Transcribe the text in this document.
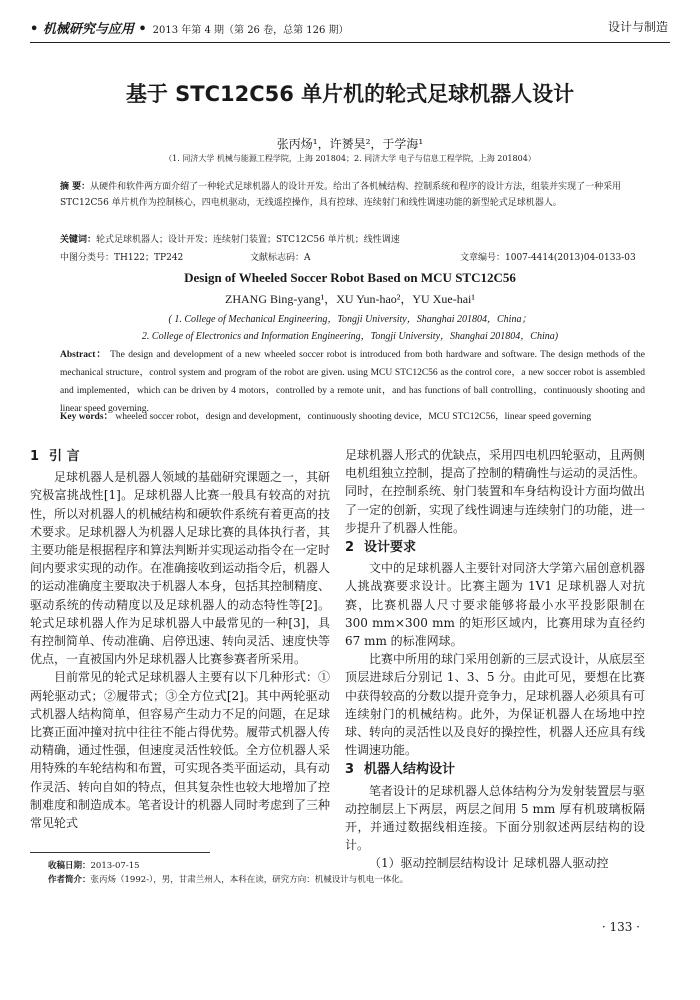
• 机械研究与应用 • 2013 年第 4 期（第 26 卷，总第 126 期）	设计与制造
基于 STC12C56 单片机的轮式足球机器人设计
张丙炀¹，许赟昊²，于学海¹
（1. 同济大学 机械与能源工程学院，上海 201804；2. 同济大学 电子与信息工程学院，上海 201804）
摘 要：从硬件和软件两方面介绍了一种轮式足球机器人的设计开发。给出了各机械结构、控制系统和程序的设计方法，组装并实现了一种采用 STC12C56 单片机作为控制核心，四电机驱动，无线遥控操作，具有控球、连续射门和线性调速功能的新型轮式足球机器人。
关键词：轮式足球机器人；设计开发；连续射门装置；STC12C56 单片机；线性调速
中图分类号：TH122；TP242	文献标志码：A	文章编号：1007-4414(2013)04-0133-03
Design of Wheeled Soccer Robot Based on MCU STC12C56
ZHANG Bing-yang¹，XU Yun-hao²，YU Xue-hai¹
( 1. College of Mechanical Engineering，Tongji University，Shanghai 201804，China；
2. College of Electronics and Information Engineering，Tongji University，Shanghai 201804，China)
Abstract： The design and development of a new wheeled soccer robot is introduced from both hardware and software. The design methods of the mechanical structure，control system and program of the robot are given. using MCU STC12C56 as the control core，a new soccer robot is assembled and implemented，which can be driven by 4 motors，controlled by a remote unit，and has functions of ball controlling，continuously shooting and linear speed governing.
Key words： wheeled soccer robot，design and development，continuously shooting device，MCU STC12C56，linear speed governing
1 引 言

足球机器人是机器人领域的基础研究课题之一，其研究极富挑战性[1]。足球机器人比赛一般具有较高的对抗性，所以对机器人的机械结构和硬软件系统有着更高的技术要求。足球机器人为机器人足球比赛的具体执行者，其主要功能是根据程序和算法判断并实现运动指令在一定时间内要求实现的动作。在准确接收到运动指令后，机器人的运动准确度主要取决于机器人本身，包括其控制精度、驱动系统的传动精度以及足球机器人的动态特性等[2]。轮式足球机器人作为足球机器人中最常见的一种[3]，具有控制简单、传动准确、启停迅速、转向灵活、速度快等优点，一直被国内外足球机器人比赛参赛者所采用。

目前常见的轮式足球机器人主要有以下几种形式：①两轮驱动式；②履带式；③全方位式[2]。其中两轮驱动式机器人结构简单，但容易产生动力不足的问题，在足球比赛正面冲撞对抗中往往不能占得优势。履带式机器人传动精确，通过性强，但速度灵活性较低。全方位机器人采用特殊的车轮结构和布置，可实现各类平面运动，具有动作灵活、转向自如的特点，但其复杂性也较大地增加了控制难度和制造成本。笔者设计的机器人同时考虑到了三种常见轮式

足球机器人形式的优缺点，采用四电机四轮驱动，且两侧电机组独立控制，提高了控制的精确性与运动的灵活性。同时，在控制系统、射门装置和车身结构设计方面均做出了一定的创新，实现了线性调速与连续射门的功能，进一步提升了机器人性能。

2 设计要求

文中的足球机器人主要针对同济大学第六届创意机器人挑战赛要求设计。比赛主题为 1V1 足球机器人对抗赛，比赛机器人尺寸要求能够将最小水平投影限制在 300 mm×300 mm 的矩形区域内，比赛用球为直径约 67 mm 的标准网球。

比赛中所用的球门采用创新的三层式设计，从底层至顶层进球后分别记 1、3、5 分。由此可见，要想在比赛中获得较高的分数以提升竞争力，足球机器人必须具有可连续射门的机械结构。此外，为保证机器人在场地中控球、转向的灵活性以及良好的操控性，机器人还应具有线性调速功能。

3 机器人结构设计

笔者设计的足球机器人总体结构分为发射装置层与驱动控制层上下两层，两层之间用 5 mm 厚有机玻璃板隔开，并通过数据线相连接。下面分别叙述两层结构的设计。

（1）驱动控制层结构设计 足球机器人驱动控

收稿日期：2013-07-15
作者简介：张丙炀（1992-），男，甘肃兰州人，本科在读，研究方向：机械设计与机电一体化。
· 133 ·
